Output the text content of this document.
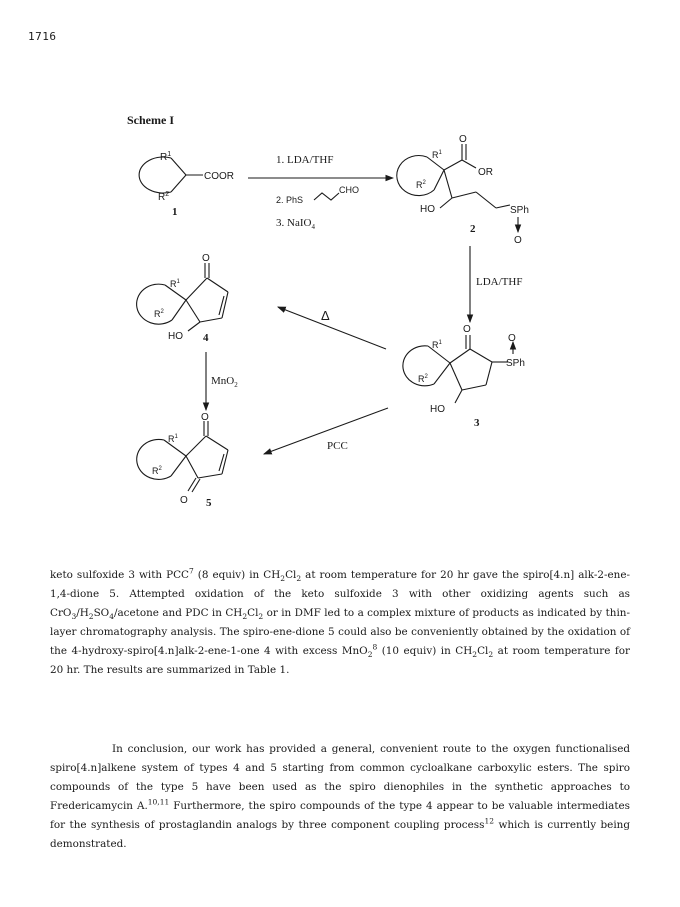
1716
Scheme I
$R^1$
$R^2$
COOR
1
1. LDA/THF
2. PhS
CHO
3. NaIO$_4$
$R^1$
$R^2$
O
OR
HO	SPh
O
2
LDA/THF
$R^1$
$R^2$
O
O
SPh
HO
3
Δ
PCC
$R^1$
$R^2$
O
HO 4
MnO$_2$
$R^1$
$R^2$
O
O 5

keto sulfoxide 3 with PCC$^7$ (8 equiv) in $CH_2Cl_2$ at room temperature for 20 hr gave the spiro[4.n] alk-2-ene-1,4-dione 5. Attempted oxidation of the keto sulfoxide 3 with other oxidizing agents such as $CrO_3/H_2SO_4$/acetone and PDC in $CH_2Cl_2$ or in DMF led to a complex mixture of products as indicated by thin-layer chromatography analysis. The spiro-ene-dione 5 could also be conveniently obtained by the oxidation of the 4-hydroxy-spiro[4.n]alk-2-ene-1-one 4 with excess MnO$_2^8$ (10 equiv) in $CH_2Cl_2$ at room temperature for 20 hr. The results are summarized in Table 1.

In conclusion, our work has provided a general, convenient route to the oxygen functionalised spiro[4.n]alkene system of types 4 and 5 starting from common cycloalkane carboxylic esters. The spiro compounds of the type 5 have been used as the spiro dienophiles in the synthetic approaches to Fredericamycin A.$^{10,11}$ Furthermore, the spiro compounds of the type 4 appear to be valuable intermediates for the synthesis of prostaglandin analogs by three component coupling process$^{12}$ which is currently being demonstrated.
